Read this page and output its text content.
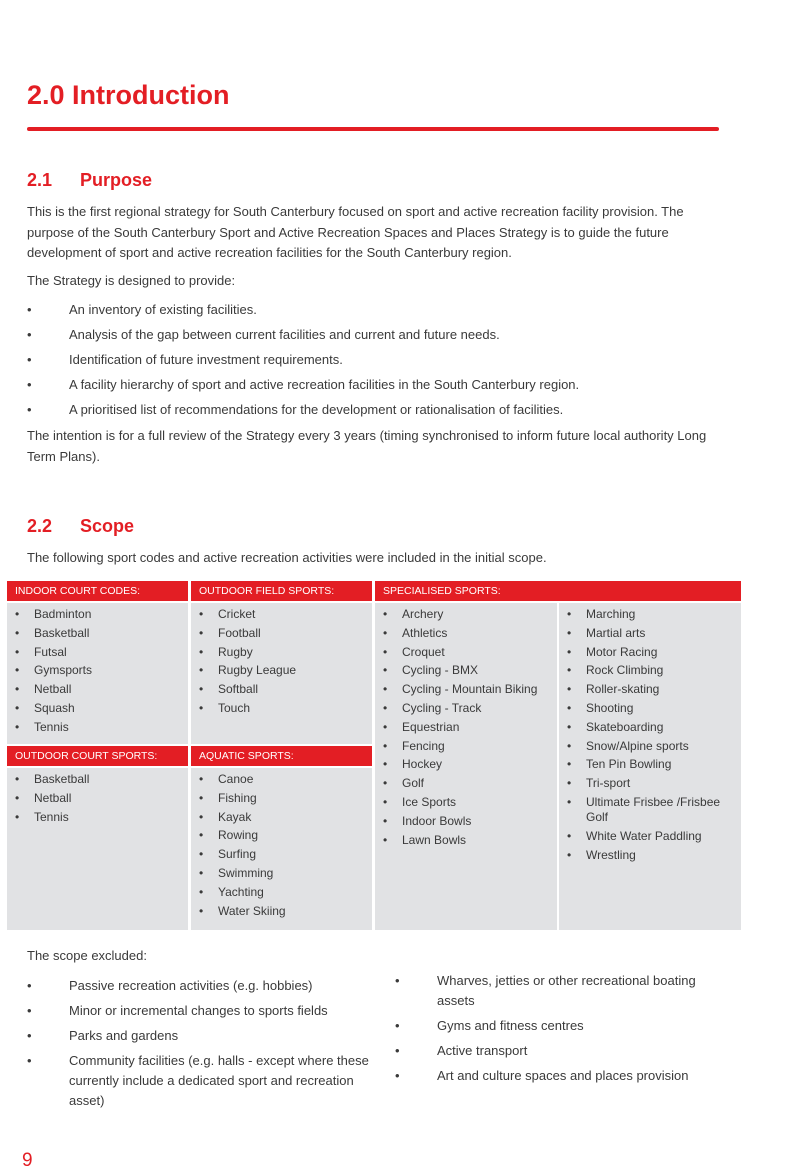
2.0 Introduction
2.1 Purpose

This is the first regional strategy for South Canterbury focused on sport and active recreation facility provision. The purpose of the South Canterbury Sport and Active Recreation Spaces and Places Strategy is to guide the future development of sport and active recreation facilities for the South Canterbury region.

The Strategy is designed to provide:

• An inventory of existing facilities.
• Analysis of the gap between current facilities and current and future needs.
• Identification of future investment requirements.
• A facility hierarchy of sport and active recreation facilities in the South Canterbury region.
• A prioritised list of recommendations for the development or rationalisation of facilities.

The intention is for a full review of the Strategy every 3 years (timing synchronised to inform future local authority Long Term Plans).

2.2 Scope

The following sport codes and active recreation activities were included in the initial scope.

INDOOR COURT CODES:	OUTDOOR FIELD SPORTS:	SPECIALISED SPORTS:
• Badminton
• Basketball
• Futsal
• Gymsports
• Netball
• Squash
• Tennis
• Cricket
• Football
• Rugby
• Rugby League
• Softball
• Touch
• Archery
• Athletics
• Croquet
• Cycling - BMX
• Cycling - Mountain Biking
• Cycling - Track
• Equestrian
• Fencing
• Hockey
• Golf
• Ice Sports
• Indoor Bowls
• Lawn Bowls
• Marching
• Martial arts
• Motor Racing
• Rock Climbing
• Roller-skating
• Shooting
• Skateboarding
• Snow/Alpine sports
• Ten Pin Bowling
• Tri-sport
• Ultimate Frisbee /Frisbee Golf
• White Water Paddling
• Wrestling
OUTDOOR COURT SPORTS:	AQUATIC SPORTS:
• Basketball
• Netball
• Tennis
• Canoe
• Fishing
• Kayak
• Rowing
• Surfing
• Swimming
• Yachting
• Water Skiing

The scope excluded:

• Passive recreation activities (e.g. hobbies)
• Minor or incremental changes to sports fields
• Parks and gardens
• Community facilities (e.g. halls - except where these currently include a dedicated sport and recreation asset)
• Wharves, jetties or other recreational boating assets
• Gyms and fitness centres
• Active transport
• Art and culture spaces and places provision
9
